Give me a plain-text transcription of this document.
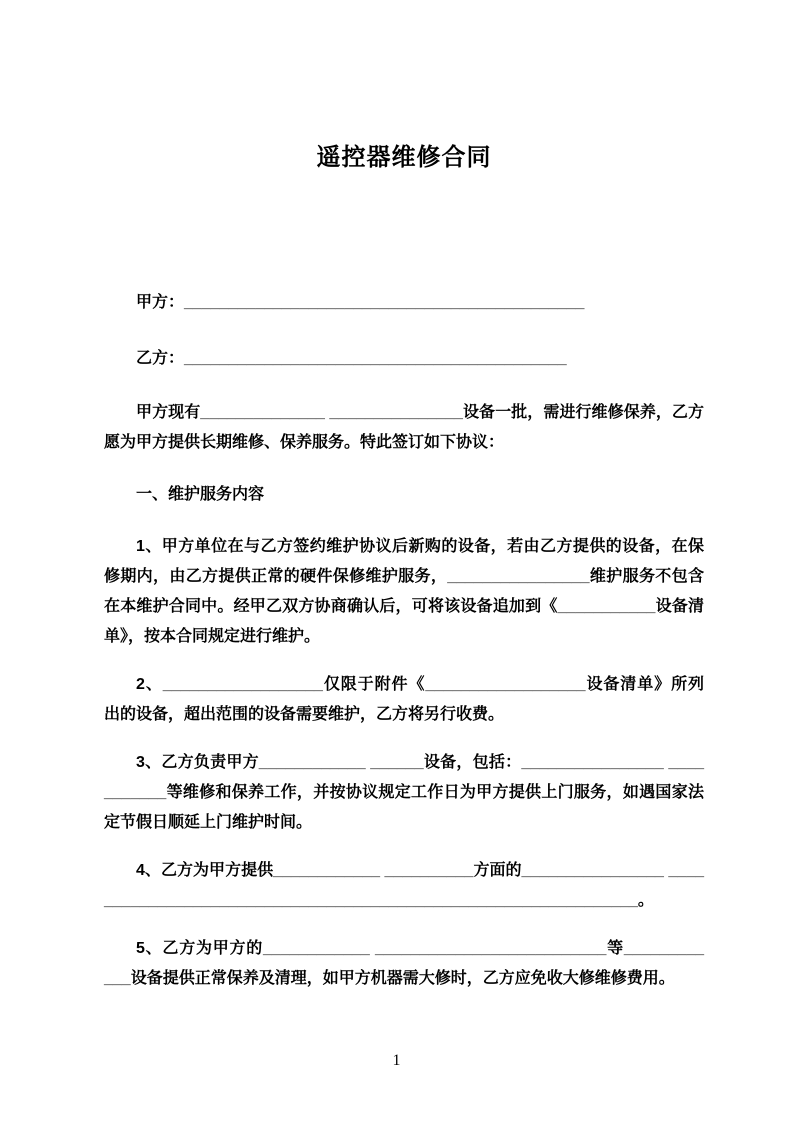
遥控器维修合同

甲方：_____________________________________________

乙方：___________________________________________

甲方现有______________ _______________设备一批，需进行维修保养，乙方愿为甲方提供长期维修、保养服务。特此签订如下协议：

一、维护服务内容

1、甲方单位在与乙方签约维护协议后新购的设备，若由乙方提供的设备，在保修期内，由乙方提供正常的硬件保修维护服务，________________维护服务不包含在本维护合同中。经甲乙双方协商确认后，可将该设备追加到《___________设备清单》，按本合同规定进行维护。

2、__________________仅限于附件《__________________设备清单》所列出的设备，超出范围的设备需要维护，乙方将另行收费。

3、乙方负责甲方____________ ______设备，包括：________________ ___________等维修和保养工作，并按协议规定工作日为甲方提供上门服务，如遇国家法定节假日顺延上门维护时间。

4、乙方为甲方提供____________ __________方面的________________ ________________________________________________________________。

5、乙方为甲方的____________ __________________________等____________设备提供正常保养及清理，如甲方机器需大修时，乙方应免收大修维修费用。

1
